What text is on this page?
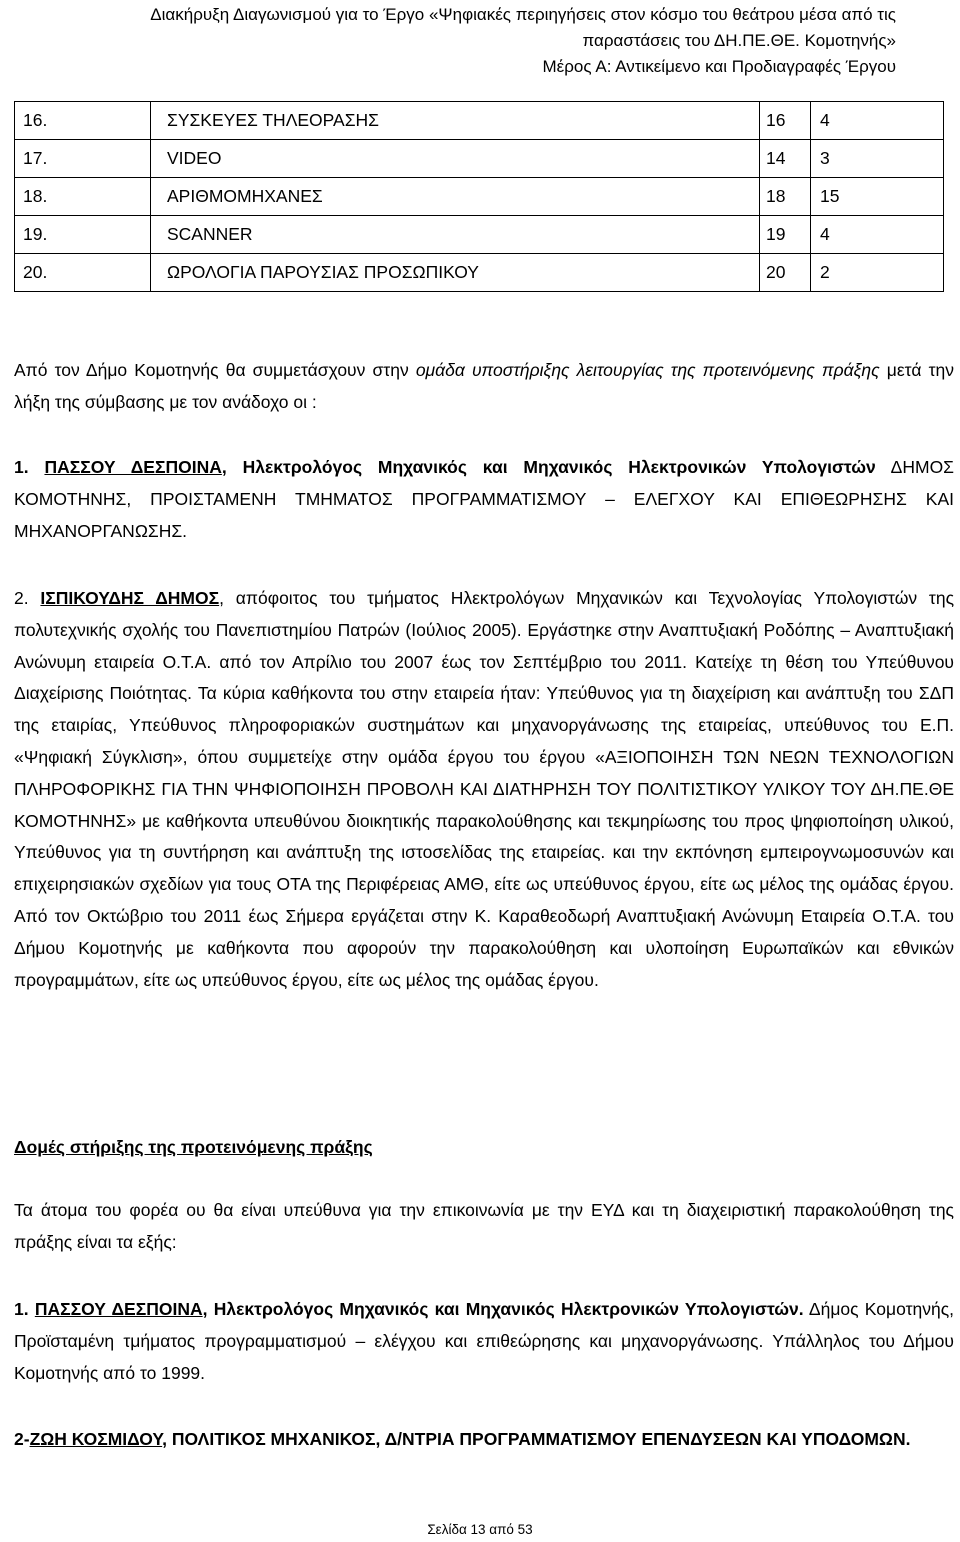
Διακήρυξη Διαγωνισμού για το Έργο «Ψηφιακές περιηγήσεις στον κόσμο του θεάτρου μέσα από τις
παραστάσεις του ΔΗ.ΠΕ.ΘΕ. Κομοτηνής»
Μέρος Α: Αντικείμενο και Προδιαγραφές Έργου
16.	ΣΥΣΚΕΥΕΣ ΤΗΛΕΟΡΑΣΗΣ	16	4
17.	VIDEO	14	3
18.	ΑΡΙΘΜΟΜΗΧΑΝΕΣ	18	15
19.	SCANNER	19	4
20.	ΩΡΟΛΟΓΙΑ ΠΑΡΟΥΣΙΑΣ ΠΡΟΣΩΠΙΚΟΥ	20	2

Από τον Δήμο Κομοτηνής θα συμμετάσχουν στην ομάδα υποστήριξης λειτουργίας της προτεινόμενης πράξης μετά την λήξη της σύμβασης με τον ανάδοχο οι :

1. ΠΑΣΣΟΥ ΔΕΣΠΟΙΝΑ, Ηλεκτρολόγος Μηχανικός και Μηχανικός Ηλεκτρονικών Υπολογιστών ΔΗΜΟΣ ΚΟΜΟΤΗΝΗΣ, ΠΡΟΙΣΤΑΜΕΝΗ ΤΜΗΜΑΤΟΣ ΠΡΟΓΡΑΜΜΑΤΙΣΜΟΥ – ΕΛΕΓΧΟΥ ΚΑΙ ΕΠΙΘΕΩΡΗΣΗΣ ΚΑΙ ΜΗΧΑΝΟΡΓΑΝΩΣΗΣ.

2. ΙΣΠΙΚΟΥΔΗΣ ΔΗΜΟΣ, απόφοιτος του τμήματος Ηλεκτρολόγων Μηχανικών και Τεχνολογίας Υπολογιστών της πολυτεχνικής σχολής του Πανεπιστημίου Πατρών (Ιούλιος 2005). Εργάστηκε στην Αναπτυξιακή Ροδόπης – Αναπτυξιακή Ανώνυμη εταιρεία Ο.Τ.Α. από τον Απρίλιο του 2007 έως τον Σεπτέμβριο του 2011. Κατείχε τη θέση του Υπεύθυνου Διαχείρισης Ποιότητας. Τα κύρια καθήκοντα του στην εταιρεία ήταν: Υπεύθυνος για τη διαχείριση και ανάπτυξη του ΣΔΠ της εταιρίας, Υπεύθυνος πληροφοριακών συστημάτων και μηχανοργάνωσης της εταιρείας, υπεύθυνος του Ε.Π. «Ψηφιακή Σύγκλιση», όπου συμμετείχε στην ομάδα έργου του έργου «ΑΞΙΟΠΟΙΗΣΗ ΤΩΝ ΝΕΩΝ ΤΕΧΝΟΛΟΓΙΩΝ ΠΛΗΡΟΦΟΡΙΚΗΣ ΓΙΑ ΤΗΝ ΨΗΦΙΟΠΟΙΗΣΗ ΠΡΟΒΟΛΗ ΚΑΙ ΔΙΑΤΗΡΗΣΗ ΤΟΥ ΠΟΛΙΤΙΣΤΙΚΟΥ ΥΛΙΚΟΥ ΤΟΥ ΔΗ.ΠΕ.ΘΕ ΚΟΜΟΤΗΝΗΣ» με καθήκοντα υπευθύνου διοικητικής παρακολούθησης και τεκμηρίωσης του προς ψηφιοποίηση υλικού, Υπεύθυνος για τη συντήρηση και ανάπτυξη της ιστοσελίδας της εταιρείας. και την εκπόνηση εμπειρογνωμοσυνών και επιχειρησιακών σχεδίων για τους ΟΤΑ της Περιφέρειας ΑΜΘ, είτε ως υπεύθυνος έργου, είτε ως μέλος της ομάδας έργου. Από τον Οκτώβριο του 2011 έως Σήμερα εργάζεται στην Κ. Καραθεοδωρή Αναπτυξιακή Ανώνυμη Εταιρεία Ο.Τ.Α. του Δήμου Κομοτηνής με καθήκοντα που αφορούν την παρακολούθηση και υλοποίηση Ευρωπαϊκών και εθνικών προγραμμάτων, είτε ως υπεύθυνος έργου, είτε ως μέλος της ομάδας έργου.

Δομές στήριξης της προτεινόμενης πράξης

Τα άτομα του φορέα ου θα είναι υπεύθυνα για την επικοινωνία με την ΕΥΔ και τη διαχειριστική παρακολούθηση της πράξης είναι τα εξής:

1. ΠΑΣΣΟΥ ΔΕΣΠΟΙΝΑ, Ηλεκτρολόγος Μηχανικός και Μηχανικός Ηλεκτρονικών Υπολογιστών. Δήμος Κομοτηνής, Προϊσταμένη τμήματος προγραμματισμού – ελέγχου και επιθεώρησης και μηχανοργάνωσης. Υπάλληλος του Δήμου Κομοτηνής από το 1999.

2-ΖΩΗ ΚΟΣΜΙΔΟΥ, ΠΟΛΙΤΙΚΟΣ ΜΗΧΑΝΙΚΟΣ, Δ/ΝΤΡΙΑ ΠΡΟΓΡΑΜΜΑΤΙΣΜΟΥ ΕΠΕΝΔΥΣΕΩΝ ΚΑΙ ΥΠΟΔΟΜΩΝ.

Σελίδα 13 από 53
